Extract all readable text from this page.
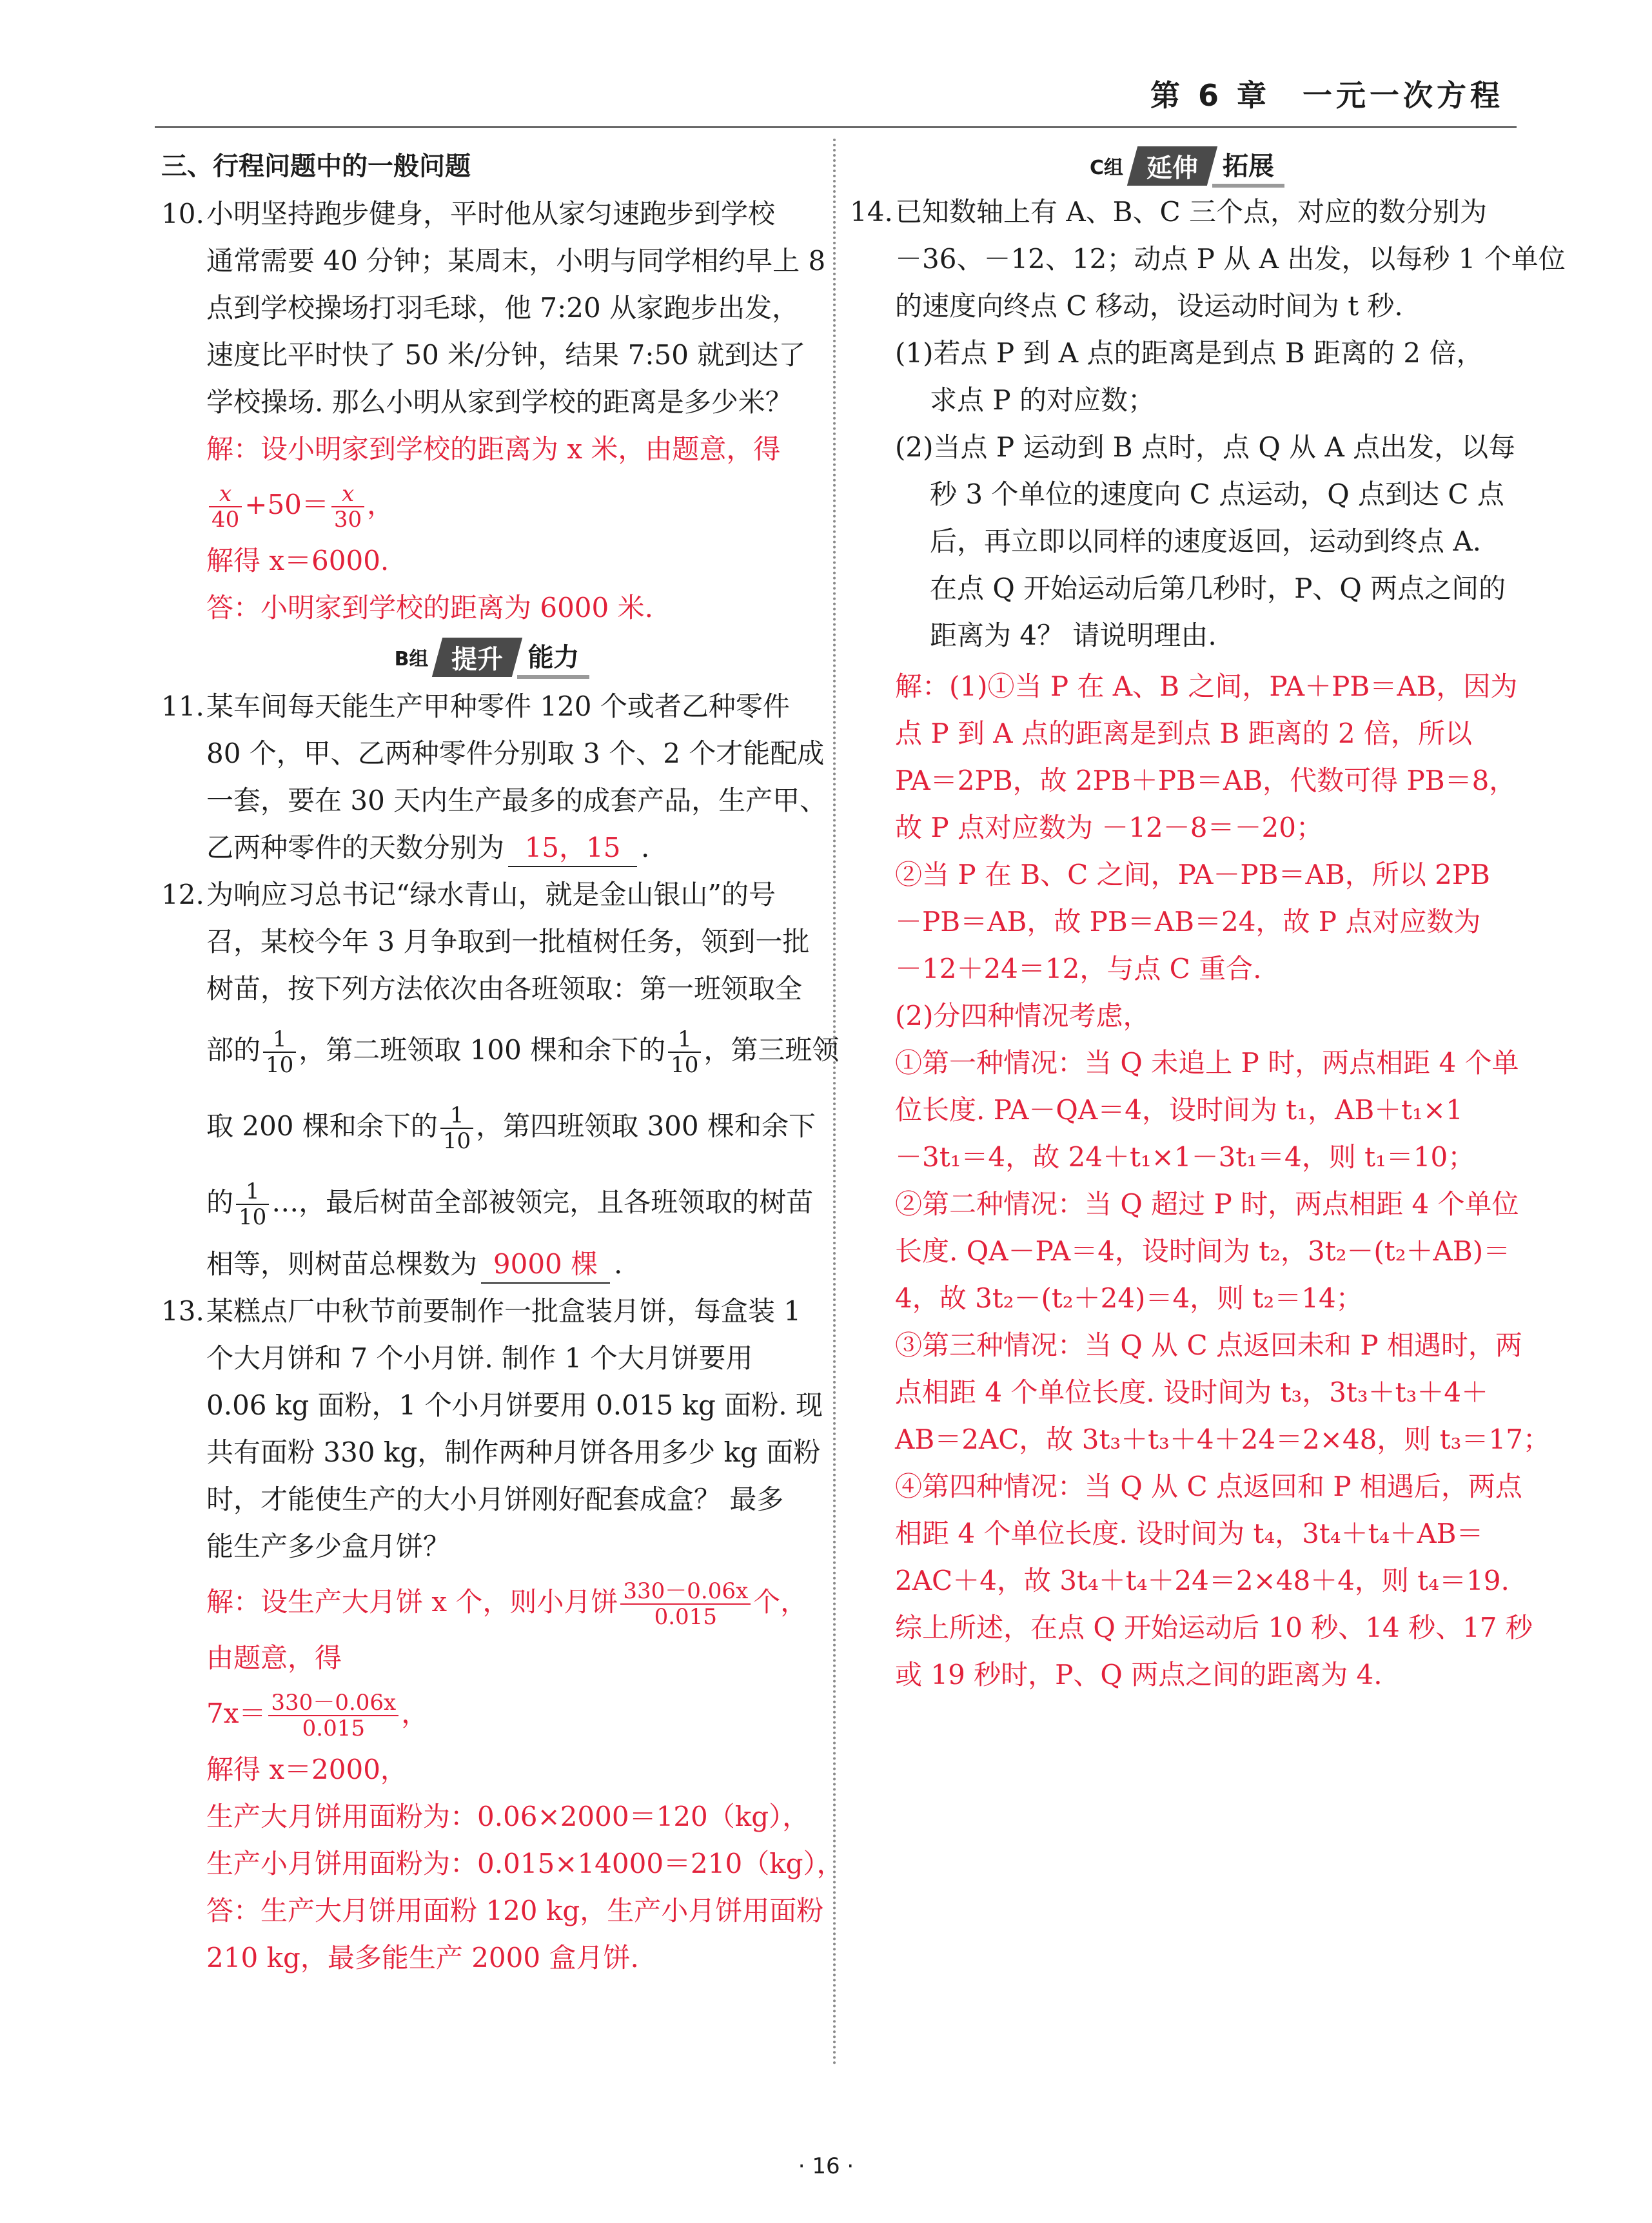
第 6 章 一元一次方程
三、行程问题中的一般问题
10.小明坚持跑步健身，平时他从家匀速跑步到学校
通常需要 40 分钟；某周末，小明与同学相约早上 8
点到学校操场打羽毛球，他 7:20 从家跑步出发，
速度比平时快了 50 米/分钟，结果 7:50 就到达了
学校操场. 那么小明从家到学校的距离是多少米？
解：设小明家到学校的距离为 x 米，由题意，得
$\frac{x}{40} +50= \frac{x}{30}$ ，
解得 x＝6000.
答：小明家到学校的距离为 6000 米.
B组 提升 能力
11.某车间每天能生产甲种零件 120 个或者乙种零件
80 个，甲、乙两种零件分别取 3 个、2 个才能配成
一套，要在 30 天内生产最多的成套产品，生产甲、
乙两种零件的天数分别为 15，15 .
12.为响应习总书记“绿水青山，就是金山银山”的号
召，某校今年 3 月争取到一批植树任务，领到一批
树苗，按下列方法依次由各班领取：第一班领取全
部的 $\frac{1}{10}$ ，第二班领取 100 棵和余下的 $\frac{1}{10}$ ，第三班领
取 200 棵和余下的 $\frac{1}{10}$ ，第四班领取 300 棵和余下
的 $\frac{1}{10}$ …，最后树苗全部被领完，且各班领取的树苗
相等，则树苗总棵数为 9000 棵 .
13.某糕点厂中秋节前要制作一批盒装月饼，每盒装 1
个大月饼和 7 个小月饼. 制作 1 个大月饼要用
0.06 kg 面粉，1 个小月饼要用 0.015 kg 面粉. 现
共有面粉 330 kg，制作两种月饼各用多少 kg 面粉
时，才能使生产的大小月饼刚好配套成盒？ 最多
能生产多少盒月饼？
解：设生产大月饼 x 个，则小月饼 $\frac{330-0.06x}{0.015}$ 个，
由题意，得
$7x= \frac{330-0.06x}{0.015}$ ，
解得 x＝2000，
生产大月饼用面粉为：0.06×2000＝120（kg），
生产小月饼用面粉为：0.015×14000＝210（kg），
答：生产大月饼用面粉 120 kg，生产小月饼用面粉
210 kg，最多能生产 2000 盒月饼.
C组 延伸 拓展
14.已知数轴上有 A、B、C 三个点，对应的数分别为
－36、－12、12；动点 P 从 A 出发，以每秒 1 个单位
的速度向终点 C 移动，设运动时间为 t 秒.
(1)若点 P 到 A 点的距离是到点 B 距离的 2 倍，
求点 P 的对应数；
(2)当点 P 运动到 B 点时，点 Q 从 A 点出发，以每
秒 3 个单位的速度向 C 点运动，Q 点到达 C 点
后，再立即以同样的速度返回，运动到终点 A.
在点 Q 开始运动后第几秒时，P、Q 两点之间的
距离为 4？ 请说明理由.
解：(1)①当 P 在 A、B 之间，PA＋PB＝AB，因为
点 P 到 A 点的距离是到点 B 距离的 2 倍，所以
PA＝2PB，故 2PB＋PB＝AB，代数可得 PB＝8，
故 P 点对应数为 －12－8＝－20；
②当 P 在 B、C 之间，PA－PB＝AB，所以 2PB
－PB＝AB，故 PB＝AB＝24，故 P 点对应数为
－12＋24＝12，与点 C 重合.
(2)分四种情况考虑，
①第一种情况：当 Q 未追上 P 时，两点相距 4 个单
位长度. PA－QA＝4，设时间为 t₁，AB＋t₁×1
－3t₁＝4，故 24＋t₁×1－3t₁＝4，则 t₁＝10；
②第二种情况：当 Q 超过 P 时，两点相距 4 个单位
长度. QA－PA＝4，设时间为 t₂，3t₂－(t₂＋AB)＝
4，故 3t₂－(t₂＋24)＝4，则 t₂＝14；
③第三种情况：当 Q 从 C 点返回未和 P 相遇时，两
点相距 4 个单位长度. 设时间为 t₃，3t₃＋t₃＋4＋
AB＝2AC，故 3t₃＋t₃＋4＋24＝2×48，则 t₃＝17；
④第四种情况：当 Q 从 C 点返回和 P 相遇后，两点
相距 4 个单位长度. 设时间为 t₄，3t₄＋t₄＋AB＝
2AC＋4，故 3t₄＋t₄＋24＝2×48＋4，则 t₄＝19.
综上所述，在点 Q 开始运动后 10 秒、14 秒、17 秒
或 19 秒时，P、Q 两点之间的距离为 4.
· 16 ·
